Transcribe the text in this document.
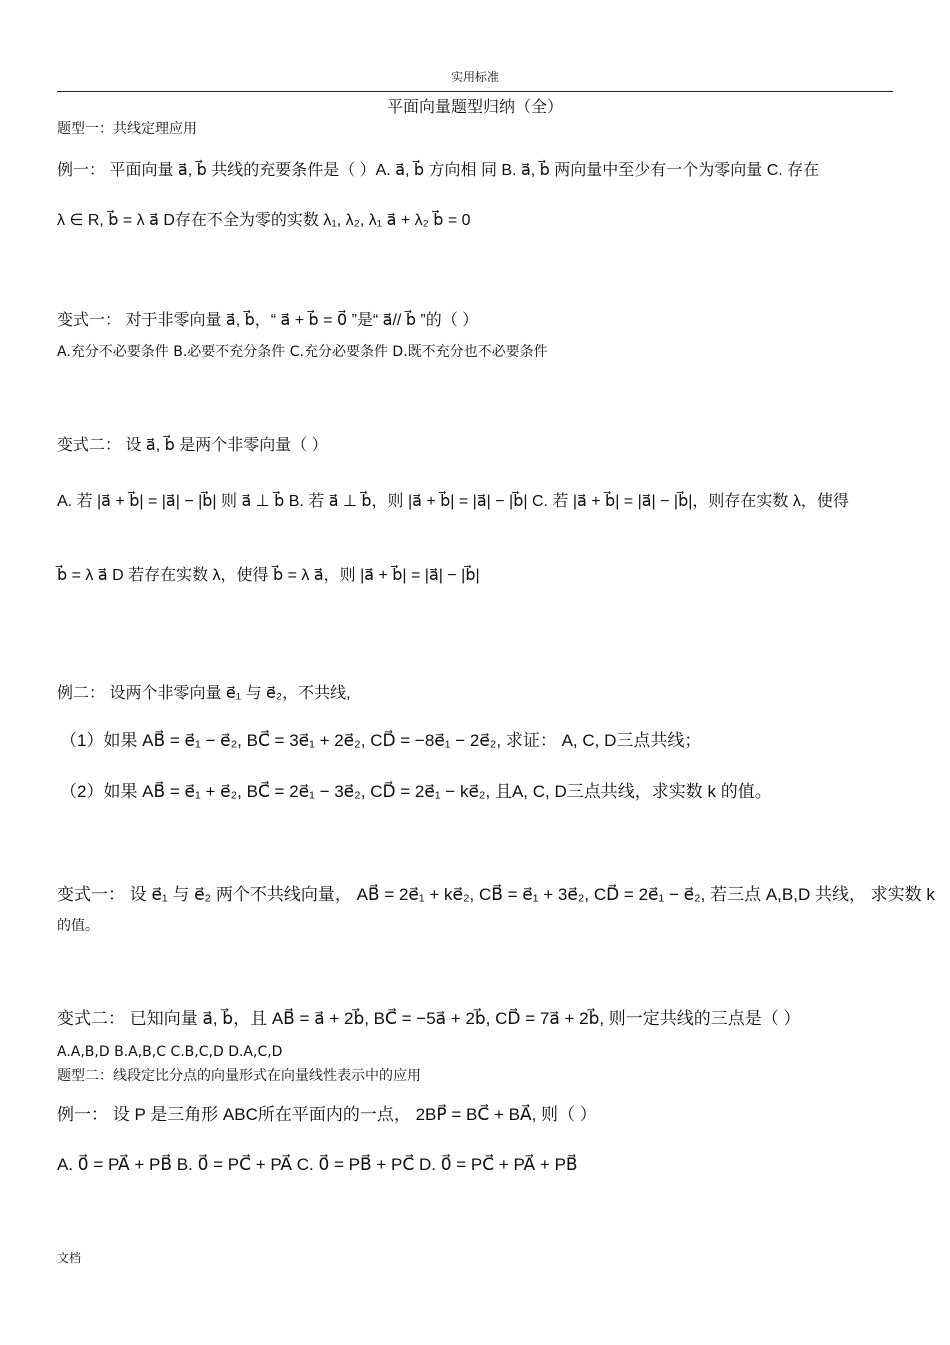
实用标准
平面向量题型归纳（全）
题型一：共线定理应用
例一： 平面向量 a⃗, b⃗ 共线的充要条件是（ ）A. a⃗, b⃗ 方向相 同 B. a⃗, b⃗ 两向量中至少有一个为零向量 C. 存在
λ ∈ R, b⃗ = λ a⃗ D存在不全为零的实数 λ₁, λ₂, λ₁ a⃗ + λ₂ b⃗ = 0
变式一： 对于非零向量 a⃗, b⃗，“ a⃗ + b⃗ = 0⃗ ”是“ a⃗// b⃗ ”的（ ）
A.充分不必要条件 B.必要不充分条件 C.充分必要条件 D.既不充分也不必要条件
变式二： 设 a⃗, b⃗ 是两个非零向量（ ）
A. 若 |a⃗ + b⃗| = |a⃗| − |b⃗| 则 a⃗ ⊥ b⃗ B. 若 a⃗ ⊥ b⃗，则 |a⃗ + b⃗| = |a⃗| − |b⃗| C. 若 |a⃗ + b⃗| = |a⃗| − |b⃗|，则存在实数 λ，使得
b⃗ = λ a⃗ D 若存在实数 λ，使得 b⃗ = λ a⃗，则 |a⃗ + b⃗| = |a⃗| − |b⃗|
例二： 设两个非零向量 e⃗₁ 与 e⃗₂，不共线,
（1）如果 AB⃗ = e⃗₁ − e⃗₂, BC⃗ = 3e⃗₁ + 2e⃗₂, CD⃗ = −8e⃗₁ − 2e⃗₂, 求证： A, C, D三点共线；
（2）如果 AB⃗ = e⃗₁ + e⃗₂, BC⃗ = 2e⃗₁ − 3e⃗₂, CD⃗ = 2e⃗₁ − ke⃗₂, 且A, C, D三点共线，求实数 k 的值。
变式一： 设 e⃗₁ 与 e⃗₂ 两个不共线向量， AB⃗ = 2e⃗₁ + ke⃗₂, CB⃗ = e⃗₁ + 3e⃗₂, CD⃗ = 2e⃗₁ − e⃗₂, 若三点 A,B,D 共线， 求实数 k
的值。
变式二： 已知向量 a⃗, b⃗，且 AB⃗ = a⃗ + 2b⃗, BC⃗ = −5a⃗ + 2b⃗, CD⃗ = 7a⃗ + 2b⃗, 则一定共线的三点是（ ）
A.A,B,D B.A,B,C C.B,C,D D.A,C,D
题型二：线段定比分点的向量形式在向量线性表示中的应用
例一： 设 P 是三角形 ABC所在平面内的一点， 2BP⃗ = BC⃗ + BA⃗, 则（ ）
A. 0⃗ = PA⃗ + PB⃗ B. 0⃗ = PC⃗ + PA⃗ C. 0⃗ = PB⃗ + PC⃗ D. 0⃗ = PC⃗ + PA⃗ + PB⃗
文档
